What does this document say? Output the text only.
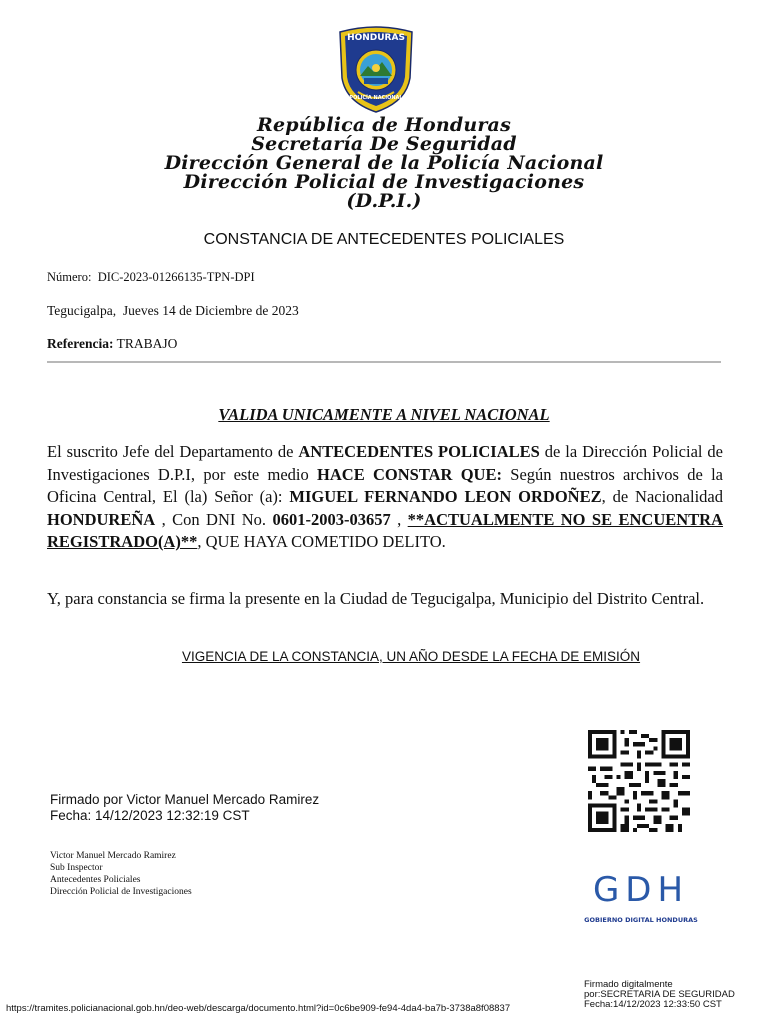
HONDURAS
POLICÍA NACIONAL
República de Honduras
Secretaría De Seguridad
Dirección General de la Policía Nacional
Dirección Policial de Investigaciones
(D.P.I.)
CONSTANCIA DE ANTECEDENTES POLICIALES
Número: DIC-2023-01266135-TPN-DPI
Tegucigalpa,  Jueves 14 de Diciembre de 2023
Referencia: TRABAJO
VALIDA UNICAMENTE A NIVEL NACIONAL
El suscrito Jefe del Departamento de ANTECEDENTES POLICIALES de la Dirección Policial de Investigaciones D.P.I, por este medio HACE CONSTAR QUE: Según nuestros archivos de la Oficina Central, El (la) Señor (a): MIGUEL FERNANDO LEON ORDOÑEZ, de Nacionalidad HONDUREÑA , Con DNI No. 0601-2003-03657 , **ACTUALMENTE NO SE ENCUENTRA REGISTRADO(A)**, QUE HAYA COMETIDO DELITO.
Y, para constancia se firma la presente en la Ciudad de Tegucigalpa, Municipio del Distrito Central.
VIGENCIA DE LA CONSTANCIA, UN AÑO DESDE LA FECHA DE EMISIÓN
Firmado por Victor Manuel Mercado Ramirez
Fecha: 14/12/2023 12:32:19 CST
Victor Manuel Mercado Ramirez
Sub Inspector
Antecedentes Policiales
Dirección Policial de Investigaciones	GDH
GOBIERNO DIGITAL HONDURAS
Firmado digitalmente
por:SECRETARIA DE SEGURIDAD
Fecha:14/12/2023 12:33:50 CST
https://tramites.policianacional.gob.hn/deo-web/descarga/documento.html?id=0c6be909-fe94-4da4-ba7b-3738a8f08837
